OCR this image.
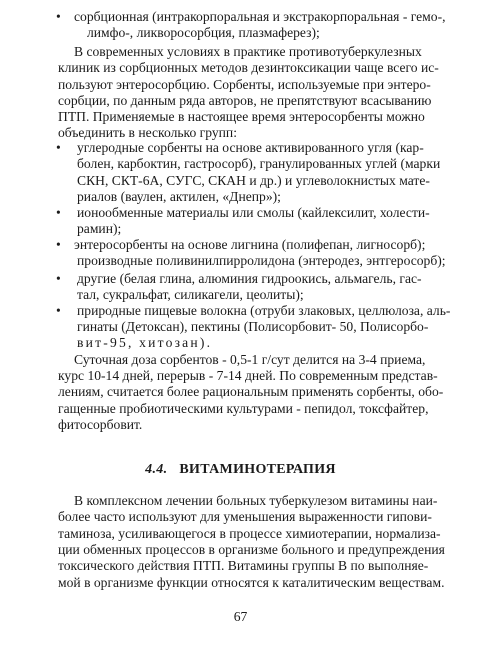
•
•
•
•
•
•
сорбционная (интракорпоральная и экстракорпоральная - гемо-,
лимфо-, ликворосорбция, плазмаферез);
В современных условиях в практике противотуберкулезных
клиник из сорбционных методов дезинтоксикации чаще всего ис-
пользуют энтеросорбцию. Сорбенты, используемые при энтеро-
сорбции, по данным ряда авторов, не препятствуют всасыванию
ПТП. Применяемые в настоящее время энтеросорбенты можно
объединить в несколько групп:
углеродные сорбенты на основе активированного угля (кар-
болен, карбоктин, гастросорб), гранулированных углей (марки
СКН, СКТ-6А, СУГС, СКАН и др.) и углеволокнистых мате-
риалов (ваулен, актилен, «Днепр»);
ионообменные материалы или смолы (кайлексилит, холести-
рамин);
энтеросорбенты на основе лигнина (полифепан, лигносорб);
производные поливинилпирролидона (энтеродез, энтгеросорб);
другие (белая глина, алюминия гидроокись, альмагель, гас-
тал, сукральфат, силикагели, цеолиты);
природные пищевые волокна (отруби злаковых, целлюлоза, аль-
гинаты (Детоксан), пектины (Полисорбовит- 50, Полисорбо-
вит-95, хитозан).
Суточная доза сорбентов - 0,5-1 г/сут делится на 3-4 приема,
курс 10-14 дней, перерыв - 7-14 дней. По современным представ-
лениям, считается более рациональным применять сорбенты, обо-
гащенные пробиотическими культурами - пепидол, токсфайтер,
фитосорбовит.
4.4. ВИТАМИНОТЕРАПИЯ
В комплексном лечении больных туберкулезом витамины наи-
более часто используют для уменьшения выраженности гипови-
таминоза, усиливающегося в процессе химиотерапии, нормализа-
ции обменных процессов в организме больного и предупреждения
токсического действия ПТП. Витамины группы В по выполняе-
мой в организме функции относятся к каталитическим веществам.
67
